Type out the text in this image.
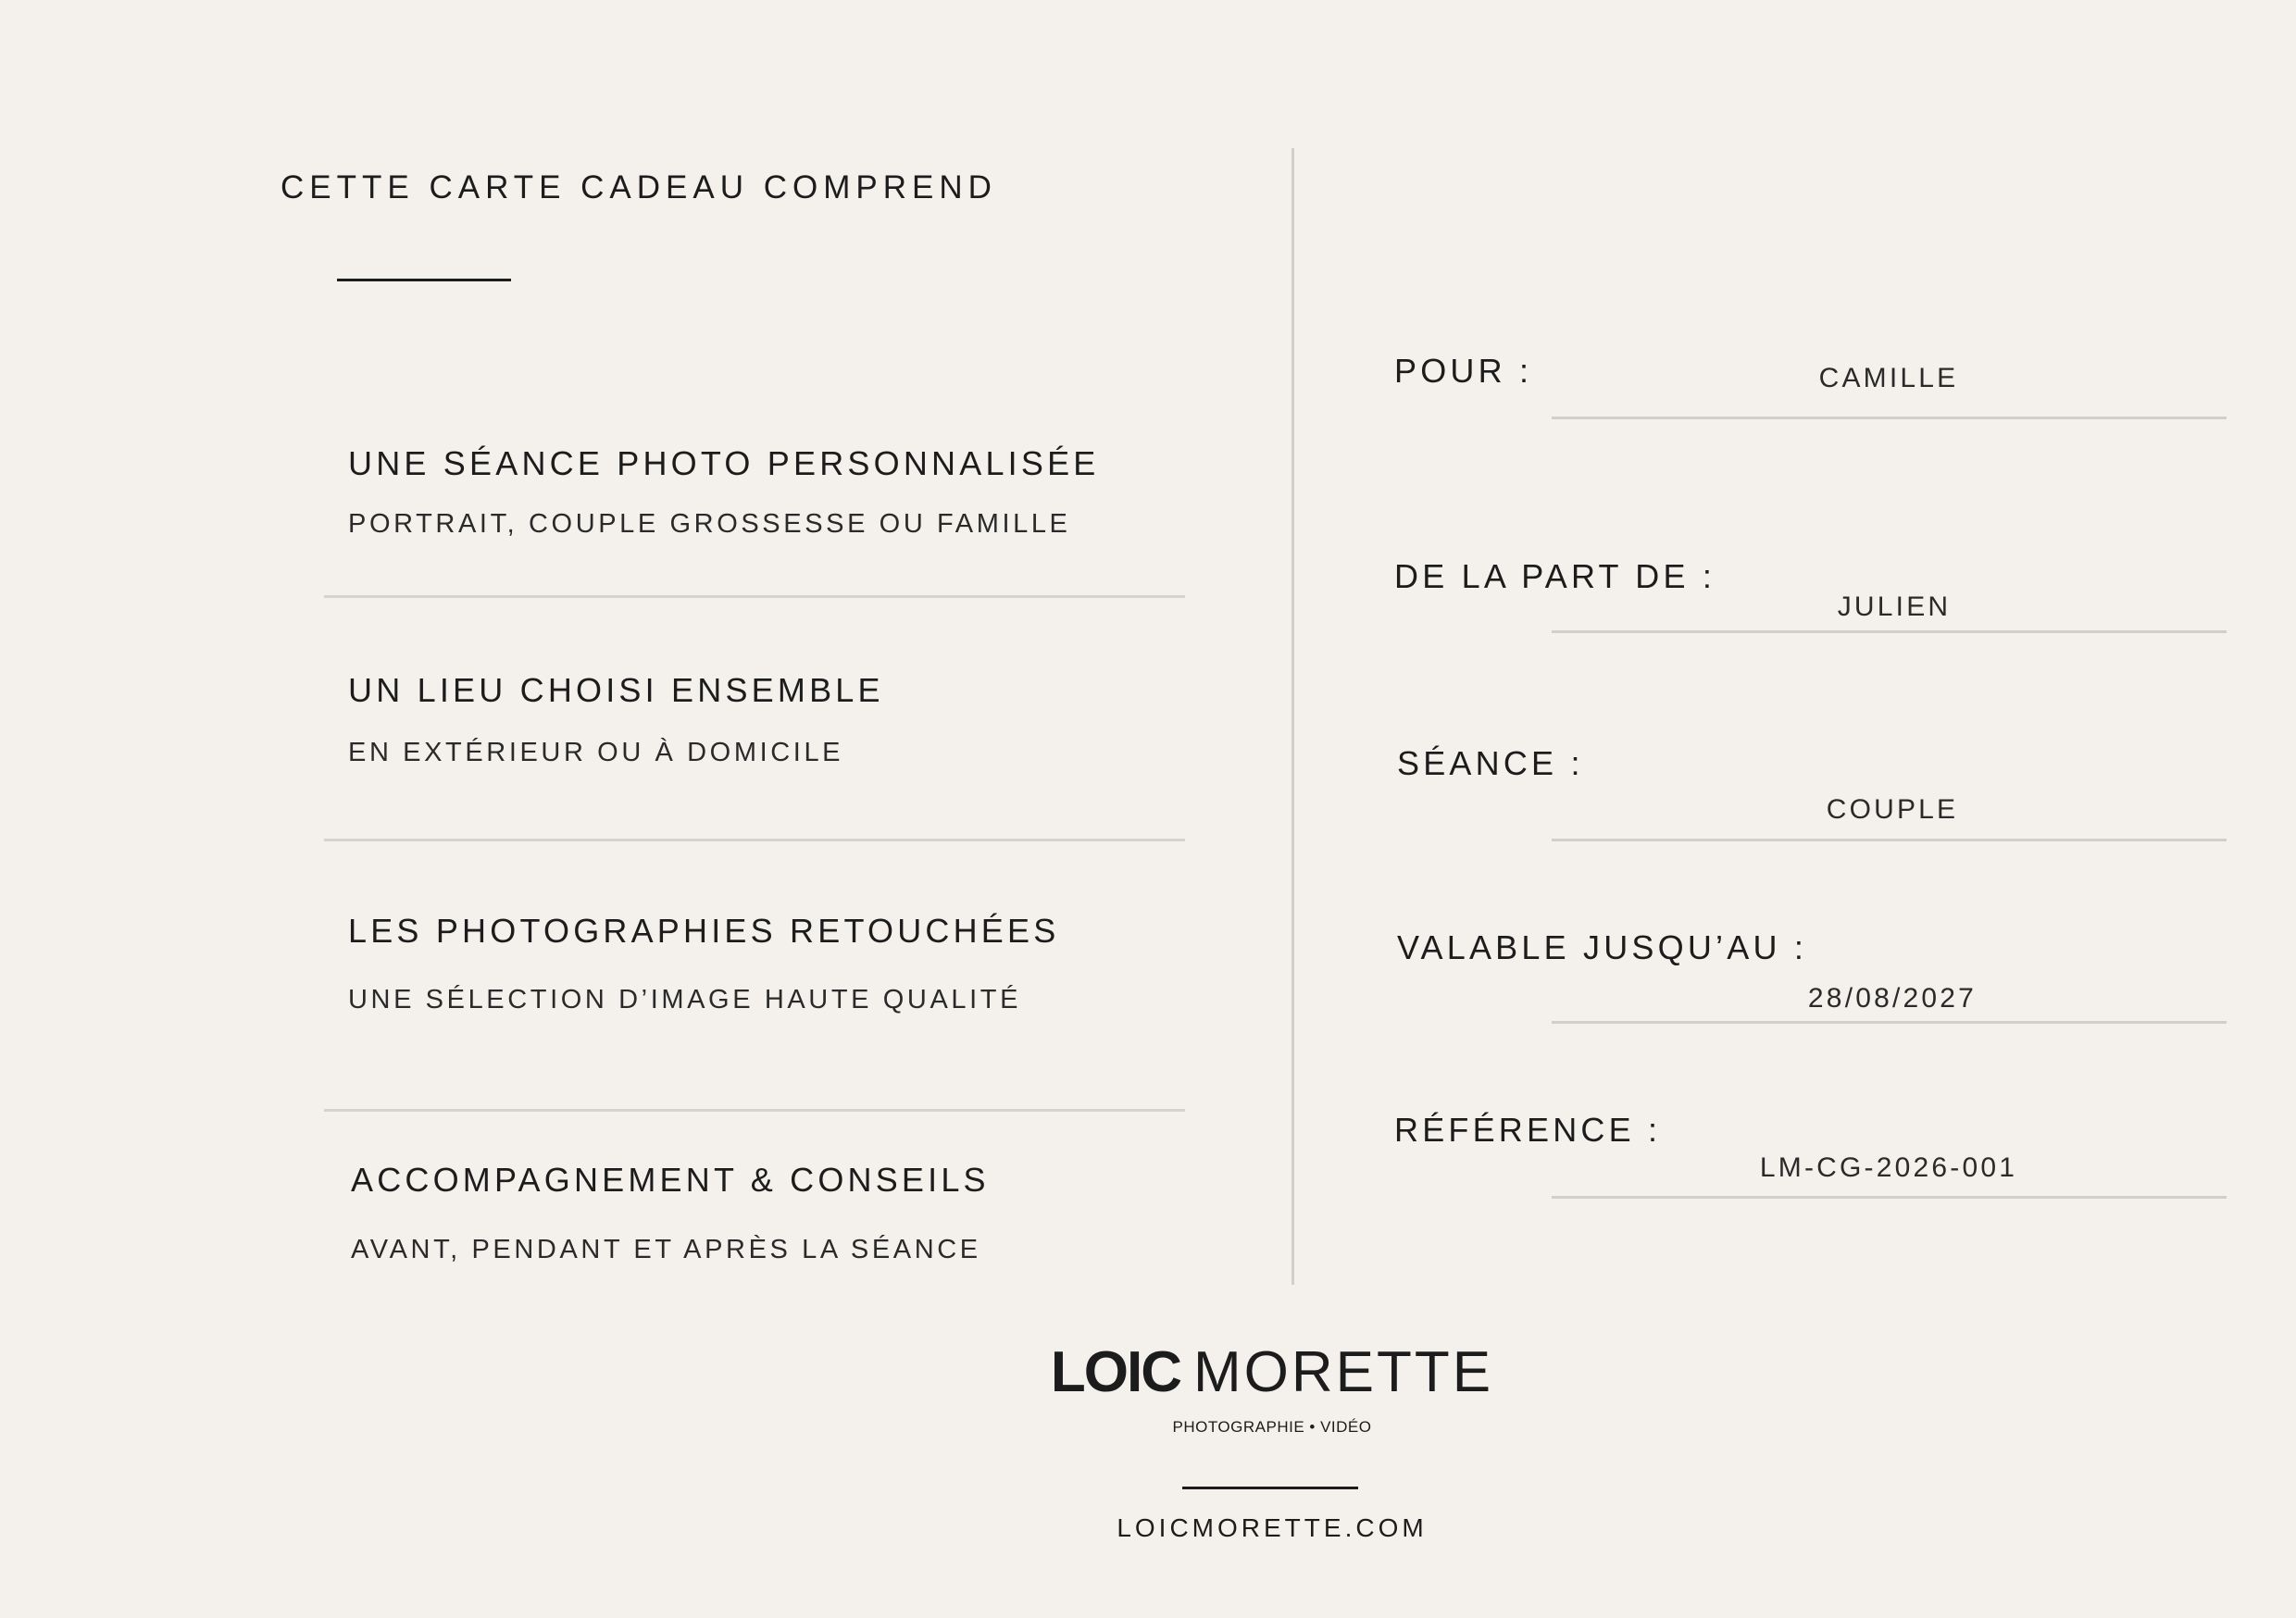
CETTE CARTE CADEAU COMPREND
UNE SÉANCE PHOTO PERSONNALISÉE
PORTRAIT, COUPLE GROSSESSE OU FAMILLE
UN LIEU CHOISI ENSEMBLE
EN EXTÉRIEUR OU À DOMICILE
LES PHOTOGRAPHIES RETOUCHÉES
UNE SÉLECTION D’IMAGE HAUTE QUALITÉ
ACCOMPAGNEMENT & CONSEILS
AVANT, PENDANT ET APRÈS LA SÉANCE
POUR :	CAMILLE
DE LA PART DE :
JULIEN
SÉANCE :
COUPLE
VALABLE JUSQU’AU :
28/08/2027
RÉFÉRENCE :
LM-CG-2026-001
LOIC MORETTE
PHOTOGRAPHIE • VIDÉO
LOICMORETTE.COM
